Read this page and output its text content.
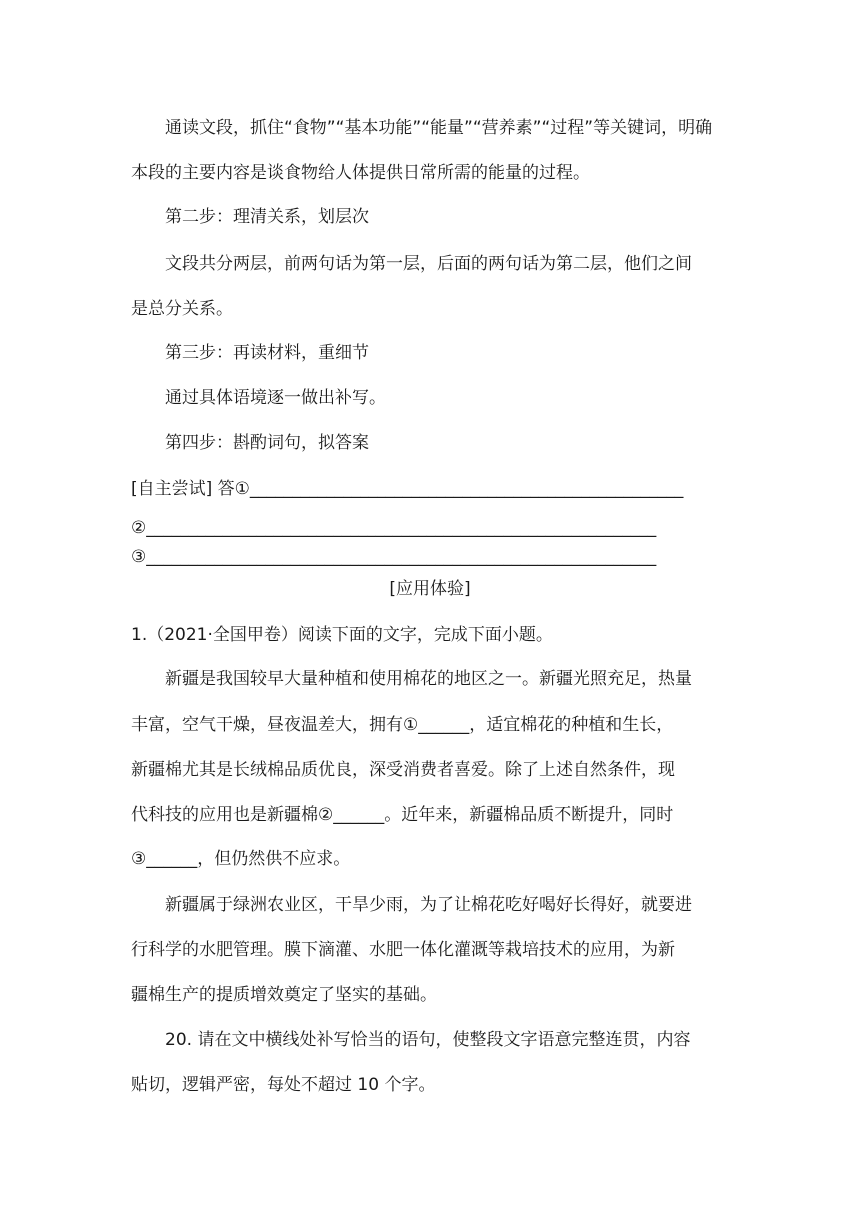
通读文段，抓住“食物”“基本功能”“能量”“营养素”“过程”等关键词，明确
本段的主要内容是谈食物给人体提供日常所需的能量的过程。
第二步：理清关系，划层次
文段共分两层，前两句话为第一层，后面的两句话为第二层，他们之间
是总分关系。
第三步：再读材料，重细节
通过具体语境逐一做出补写。
第四步：斟酌词句，拟答案
[自主尝试] 答①___________________________________________________
②____________________________________________________________
③____________________________________________________________
[应用体验]
1.（2021·全国甲卷）阅读下面的文字，完成下面小题。
新疆是我国较早大量种植和使用棉花的地区之一。新疆光照充足，热量
丰富，空气干燥，昼夜温差大，拥有①______，适宜棉花的种植和生长，
新疆棉尤其是长绒棉品质优良，深受消费者喜爱。除了上述自然条件，现
代科技的应用也是新疆棉②______。近年来，新疆棉品质不断提升，同时
③______，但仍然供不应求。
新疆属于绿洲农业区，干旱少雨，为了让棉花吃好喝好长得好，就要进
行科学的水肥管理。膜下滴灌、水肥一体化灌溉等栽培技术的应用，为新
疆棉生产的提质增效奠定了坚实的基础。
20. 请在文中横线处补写恰当的语句，使整段文字语意完整连贯，内容
贴切，逻辑严密，每处不超过 10 个字。
